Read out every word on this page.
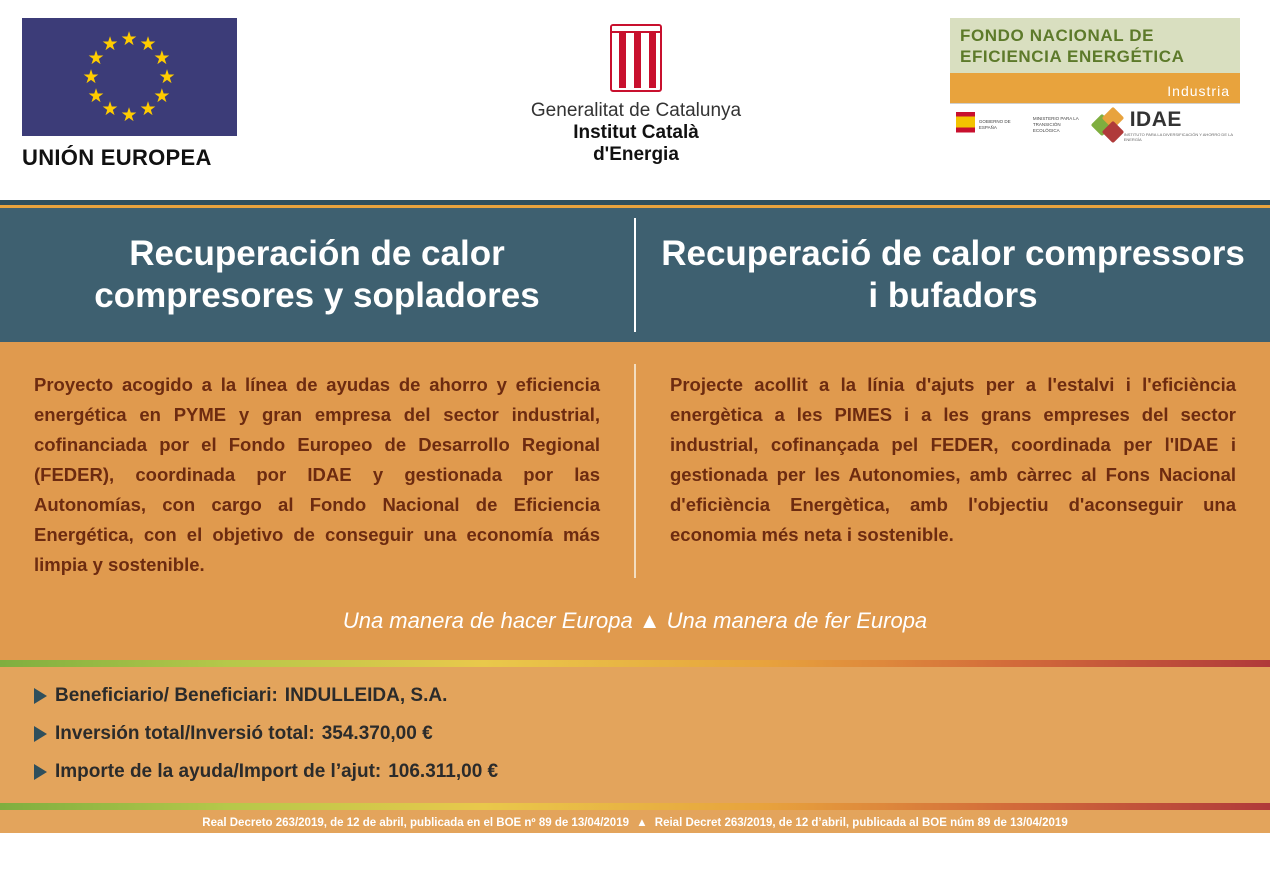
★ ★
★
★
★
★
★
★
★
★
★
★
UNIÓN EUROPEA
Generalitat de Catalunya
Institut Català
d'Energia
FONDO NACIONAL DE
EFICIENCIA ENERGÉTICA
Industria
GOBIERNO DE ESPAÑA
MINISTERIO PARA LA TRANSICIÓN ECOLÓGICA	IDAE
INSTITUTO PARA LA DIVERSIFICACIÓN Y AHORRO DE LA ENERGÍA
Recuperación de calor compresores y sopladores
Recuperació de calor compressors i bufadors
Proyecto acogido a la línea de ayudas de ahorro y eficiencia energética en PYME y gran empresa del sector industrial, cofinanciada por el Fondo Europeo de Desarrollo Regional (FEDER), coordinada por IDAE y gestionada por las Autonomías, con cargo al Fondo Nacional de Eficiencia Energética, con el objetivo de conseguir una economía más limpia y sostenible.
Projecte acollit a la línia d'ajuts per a l'estalvi i l'eficiència energètica a les PIMES i a les grans empreses del sector industrial, cofinançada pel FEDER, coordinada per l'IDAE i gestionada per les Autonomies, amb càrrec al Fons Nacional d'eficiència Energètica, amb l'objectiu d'aconseguir una economia més neta i sostenible.
Una manera de hacer Europa ▲ Una manera de fer Europa
Beneficiario/ Beneficiari: INDULLEIDA, S.A.
Inversión total/Inversió total: 354.370,00 €
Importe de la ayuda/Import de l’ajut: 106.311,00 €
Real Decreto 263/2019, de 12 de abril, publicada en el BOE nº 89 de 13/04/2019 ▲ Reial Decret 263/2019, de 12 d’abril, publicada al BOE núm 89 de 13/04/2019
